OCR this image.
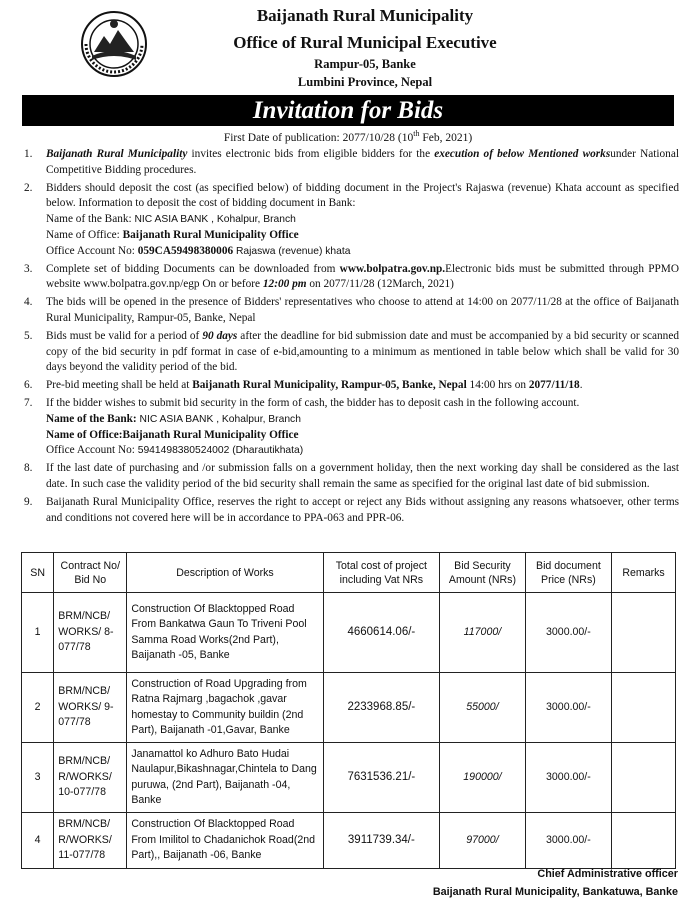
Baijanath Rural Municipality
Office of Rural Municipal Executive
Rampur-05, Banke
Lumbini Province, Nepal
Invitation for Bids
First Date of publication: 2077/10/28 (10th Feb, 2021)
1.	Baijanath Rural Municipality invites electronic bids from eligible bidders for the execution of below Mentioned worksunder National Competitive Bidding procedures.
2.	Bidders should deposit the cost (as specified below) of bidding document in the Project's Rajaswa (revenue) Khata account as specified below. Information to deposit the cost of bidding document in Bank:
Name of the Bank: NIC ASIA BANK , Kohalpur, Branch
Name of Office: Baijanath Rural Municipality Office
Office Account No: 059CA59498380006 Rajaswa (revenue) khata
3.	Complete set of bidding Documents can be downloaded from www.bolpatra.gov.np.Electronic bids must be submitted through PPMO website www.bolpatra.gov.np/egp On or before 12:00 pm on 2077/11/28 (12March, 2021)
4.	The bids will be opened in the presence of Bidders' representatives who choose to attend at 14:00 on 2077/11/28 at the office of Baijanath Rural Municipality, Rampur-05, Banke, Nepal
5.	Bids must be valid for a period of 90 days after the deadline for bid submission date and must be accompanied by a bid security or scanned copy of the bid security in pdf format in case of e-bid,amounting to a minimum as mentioned in table below which shall be valid for 30 days beyond the validity period of the bid.
6.	Pre-bid meeting shall be held at Baijanath Rural Municipality, Rampur-05, Banke, Nepal 14:00 hrs on 2077/11/18.
7.	If the bidder wishes to submit bid security in the form of cash, the bidder has to deposit cash in the following account.
Name of the Bank: NIC ASIA BANK , Kohalpur, Branch
Name of Office:Baijanath Rural Municipality Office
Office Account No: 5941498380524002 (Dharautikhata)
8.	If the last date of purchasing and /or submission falls on a government holiday, then the next working day shall be considered as the last date. In such case the validity period of the bid security shall remain the same as specified for the original last date of bid submission.
9.	Baijanath Rural Municipality Office, reserves the right to accept or reject any Bids without assigning any reasons whatsoever, other terms and conditions not covered here will be in accordance to PPA-063 and PPR-06.
SN	Contract No/ Bid No	Description of Works	Total cost of project including Vat NRs	Bid Security Amount (NRs)	Bid document Price (NRs)	Remarks
1	BRM/NCB/ WORKS/ 8-077/78	Construction Of Blacktopped Road From Bankatwa Gaun To Triveni Pool Samma Road Works(2nd Part), Baijanath -05, Banke	4660614.06/-	117000/	3000.00/-	
2	BRM/NCB/ WORKS/ 9-077/78	Construction of Road Upgrading from Ratna Rajmarg ,bagachok ,gavar homestay to Community buildin (2nd Part), Baijanath -01,Gavar, Banke	2233968.85/-	55000/	3000.00/-	
3	BRM/NCB/ R/WORKS/ 10-077/78	Janamattol ko Adhuro Bato Hudai Naulapur,Bikashnagar,Chintela to Dang puruwa, (2nd Part), Baijanath -04, Banke	7631536.21/-	190000/	3000.00/-	
4	BRM/NCB/ R/WORKS/ 11-077/78	Construction Of Blacktopped Road From Imilitol to Chadanichok Road(2nd Part),, Baijanath -06, Banke	3911739.34/-	97000/	3000.00/-	
Chief Administrative officer
Baijanath Rural Municipality, Bankatuwa, Banke
